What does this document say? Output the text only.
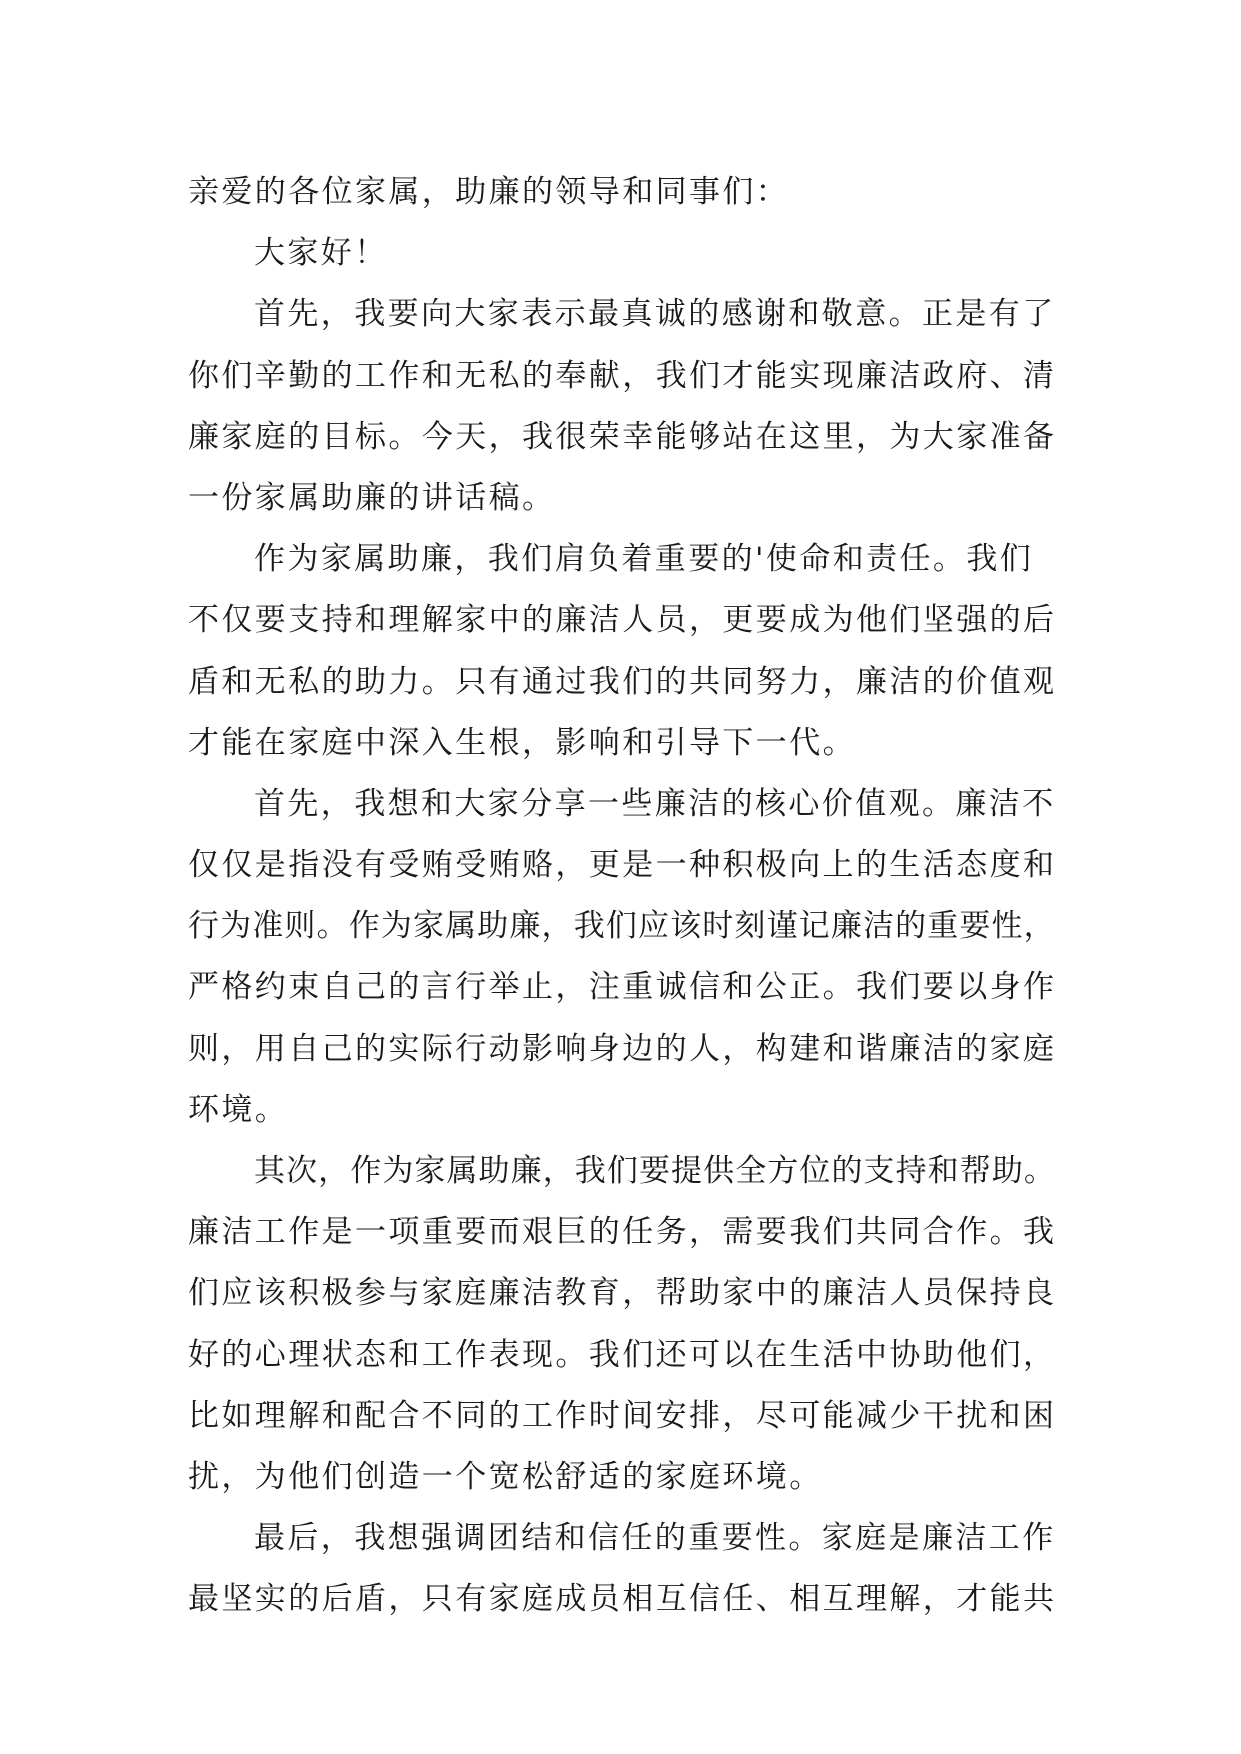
亲爱的各位家属，助廉的领导和同事们：
大家好！
首先，我要向大家表示最真诚的感谢和敬意。正是有了
你们辛勤的工作和无私的奉献，我们才能实现廉洁政府、清
廉家庭的目标。今天，我很荣幸能够站在这里，为大家准备
一份家属助廉的讲话稿。
作为家属助廉，我们肩负着重要的'使命和责任。我们
不仅要支持和理解家中的廉洁人员，更要成为他们坚强的后
盾和无私的助力。只有通过我们的共同努力，廉洁的价值观
才能在家庭中深入生根，影响和引导下一代。
首先，我想和大家分享一些廉洁的核心价值观。廉洁不
仅仅是指没有受贿受贿赂，更是一种积极向上的生活态度和
行为准则。作为家属助廉，我们应该时刻谨记廉洁的重要性，
严格约束自己的言行举止，注重诚信和公正。我们要以身作
则，用自己的实际行动影响身边的人，构建和谐廉洁的家庭
环境。
其次，作为家属助廉，我们要提供全方位的支持和帮助。
廉洁工作是一项重要而艰巨的任务，需要我们共同合作。我
们应该积极参与家庭廉洁教育，帮助家中的廉洁人员保持良
好的心理状态和工作表现。我们还可以在生活中协助他们，
比如理解和配合不同的工作时间安排，尽可能减少干扰和困
扰，为他们创造一个宽松舒适的家庭环境。
最后，我想强调团结和信任的重要性。家庭是廉洁工作
最坚实的后盾，只有家庭成员相互信任、相互理解，才能共
